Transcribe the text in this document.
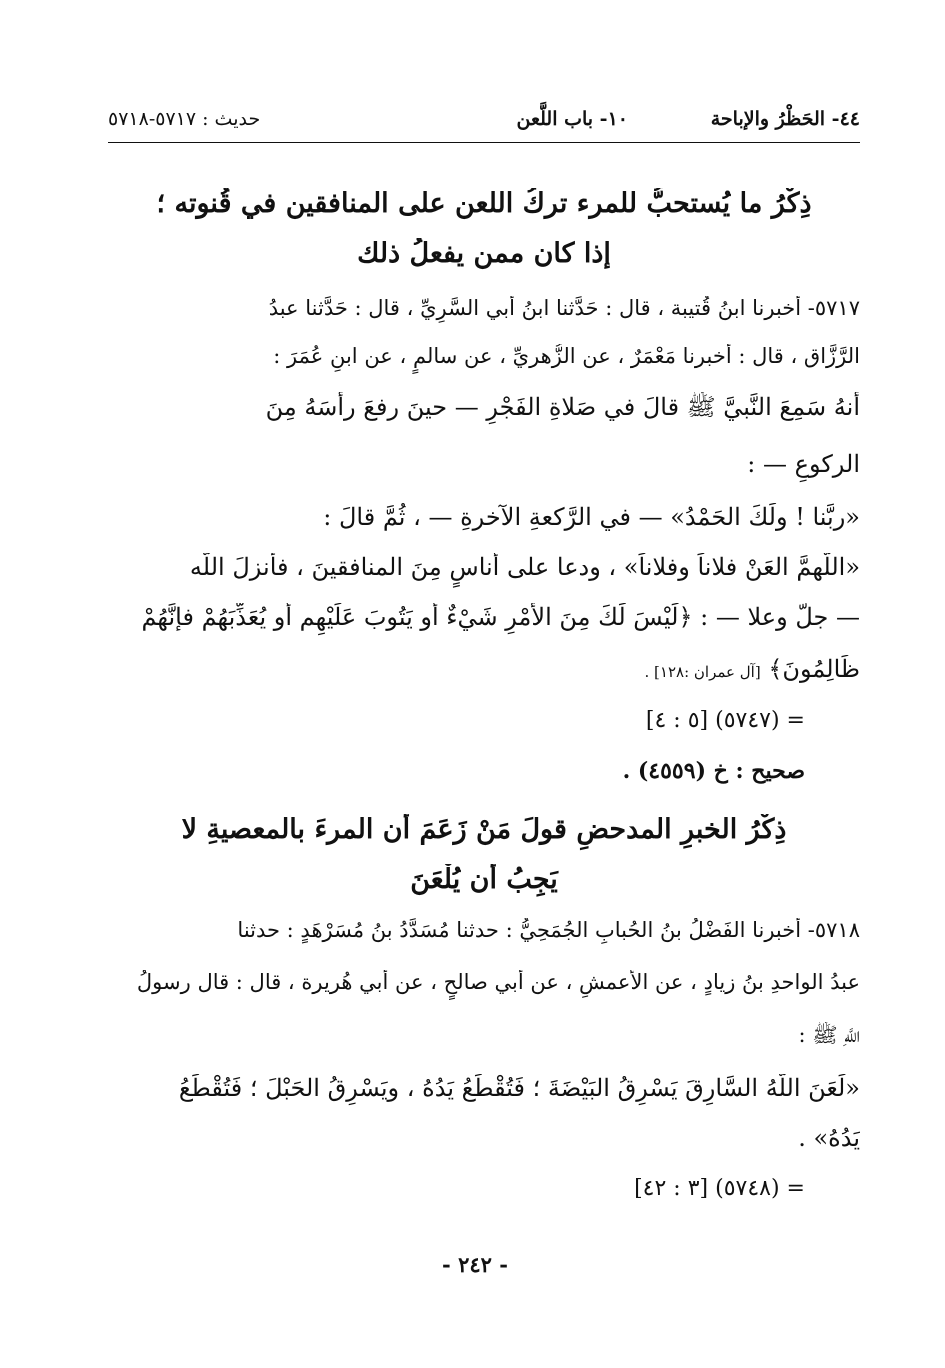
٤٤- الحَظْرُ والإباحة
١٠- باب اللَّعن
حديث : ٥٧١٧-٥٧١٨
ذِكْرُ ما يُستحبُّ للمرء تركُ اللعن على المنافقين في قُنوته ؛
إذا كان ممن يفعلُ ذلك
٥٧١٧- أخبرنا ابنُ قُتيبة ، قال : حَدَّثنا ابنُ أبي السَّرِيِّ ، قال : حَدَّثنا عبدُ
الرَّزَّاق ، قال : أخبرنا مَعْمَرٌ ، عن الزُّهريِّ ، عن سالمٍ ، عن ابنِ عُمَرَ :
أنهُ سَمِعَ النَّبيَّ ﷺ قالَ في صَلاةِ الفَجْرِ — حينَ رفعَ رأسَهُ مِنَ
الركوعِ — :
«ربَّنا ! ولَكَ الحَمْدُ» — في الرَّكعةِ الآخرةِ — ، ثُمَّ قالَ :
«اللَّهمَّ العَنْ فلاناً وفلاناً» ، ودعا على أُناسٍ مِنَ المنافقينَ ، فأنزلَ اللَّه
— جلَّ وعلا — : ﴿لَيْسَ لَكَ مِنَ الأَمْرِ شَيْءٌ أو يَتُوبَ عَلَيْهِم أو يُعَذِّبَهُمْ فإنَّهُمْ
ظَالِمُونَ﴾ [آل عمران :١٢٨] .
= (٥٧٤٧) [٥ : ٤]
صحيح : خ (٤٥٥٩) .
ذِكْرُ الخبرِ المدحضِ قولَ مَنْ زَعَمَ أن المرءَ بالمعصيةِ لا
يَجِبُ أن يُلْعَنَ
٥٧١٨- أخبرنا الفَضْلُ بنُ الحُبابِ الجُمَحِيُّ : حدثنا مُسَدَّدُ بنُ مُسَرْهَدٍ : حدثنا
عبدُ الواحدِ بنُ زيادٍ ، عن الأعمشِ ، عن أبي صالحٍ ، عن أبي هُريرة ، قال : قال رسولُ
اللَّهِ ﷺ :
«لَعَنَ اللَّهُ السَّارِقَ يَسْرِقُ البَيْضَةَ ؛ فَتُقْطَعُ يَدُهُ ، ويَسْرِقُ الحَبْلَ ؛ فَتُقْطَعُ
يَدُهُ» .
= (٥٧٤٨) [٣ : ٤٢]
- ٢٤٢ -
